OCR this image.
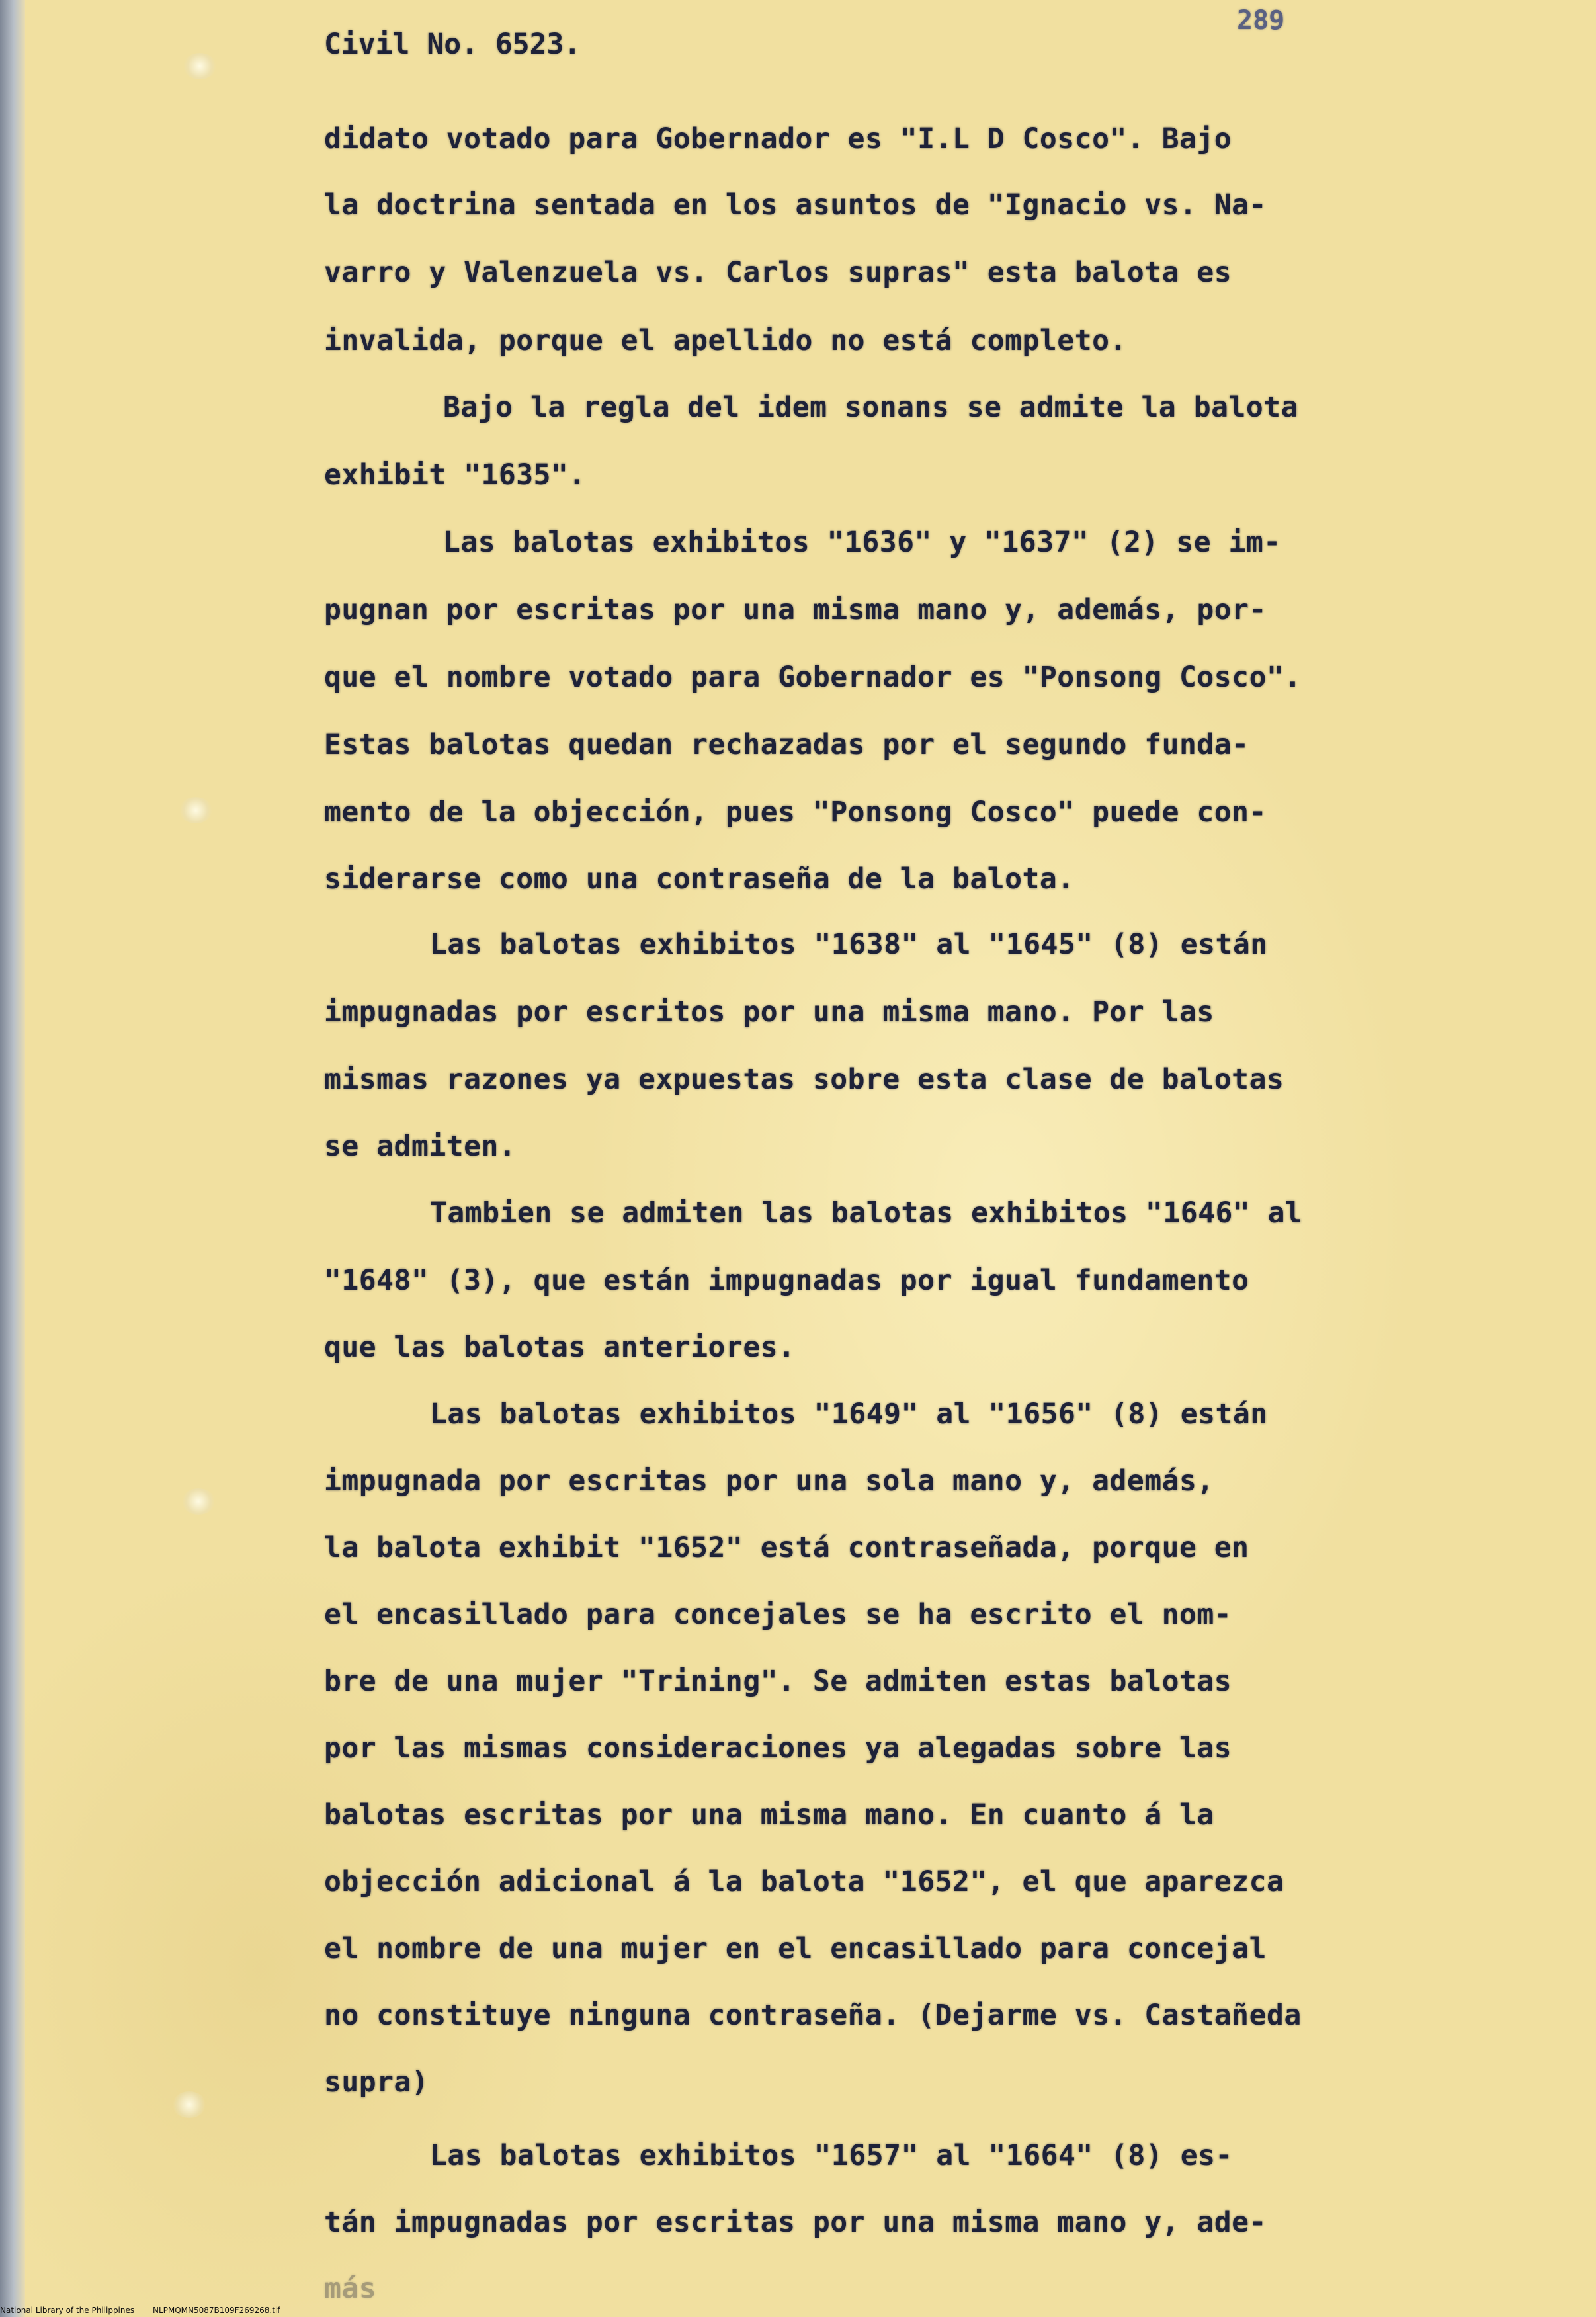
Civil No. 6523.
289
didato votado para Gobernador es "I.L D Cosco". Bajo
la doctrina sentada en los asuntos de "Ignacio vs. Na-
varro y Valenzuela vs. Carlos supras" esta balota es
invalida, porque el apellido no está completo.
Bajo la regla del idem sonans se admite la balota
exhibit "1635".
Las balotas exhibitos "1636" y "1637" (2) se im-
pugnan por escritas por una misma mano y, además, por-
que el nombre votado para Gobernador es "Ponsong Cosco".
Estas balotas quedan rechazadas por el segundo funda-
mento de la objección, pues "Ponsong Cosco" puede con-
siderarse como una contraseña de la balota.
Las balotas exhibitos "1638" al "1645" (8) están
impugnadas por escritos por una misma mano. Por las
mismas razones ya expuestas sobre esta clase de balotas
se admiten.
Tambien se admiten las balotas exhibitos "1646" al
"1648" (3), que están impugnadas por igual fundamento
que las balotas anteriores.
Las balotas exhibitos "1649" al "1656" (8) están
impugnada por escritas por una sola mano y, además,
la balota exhibit "1652" está contraseñada, porque en
el encasillado para concejales se ha escrito el nom-
bre de una mujer "Trining". Se admiten estas balotas
por las mismas consideraciones ya alegadas sobre las
balotas escritas por una misma mano. En cuanto á la
objección adicional á la balota "1652", el que aparezca
el nombre de una mujer en el encasillado para concejal
no constituye ninguna contraseña. (Dejarme vs. Castañeda
supra)
Las balotas exhibitos "1657" al "1664" (8) es-
tán impugnadas por escritas por una misma mano y, ade-
más
National Library of the Philippines NLPMQMN5087B109F269268.tif
